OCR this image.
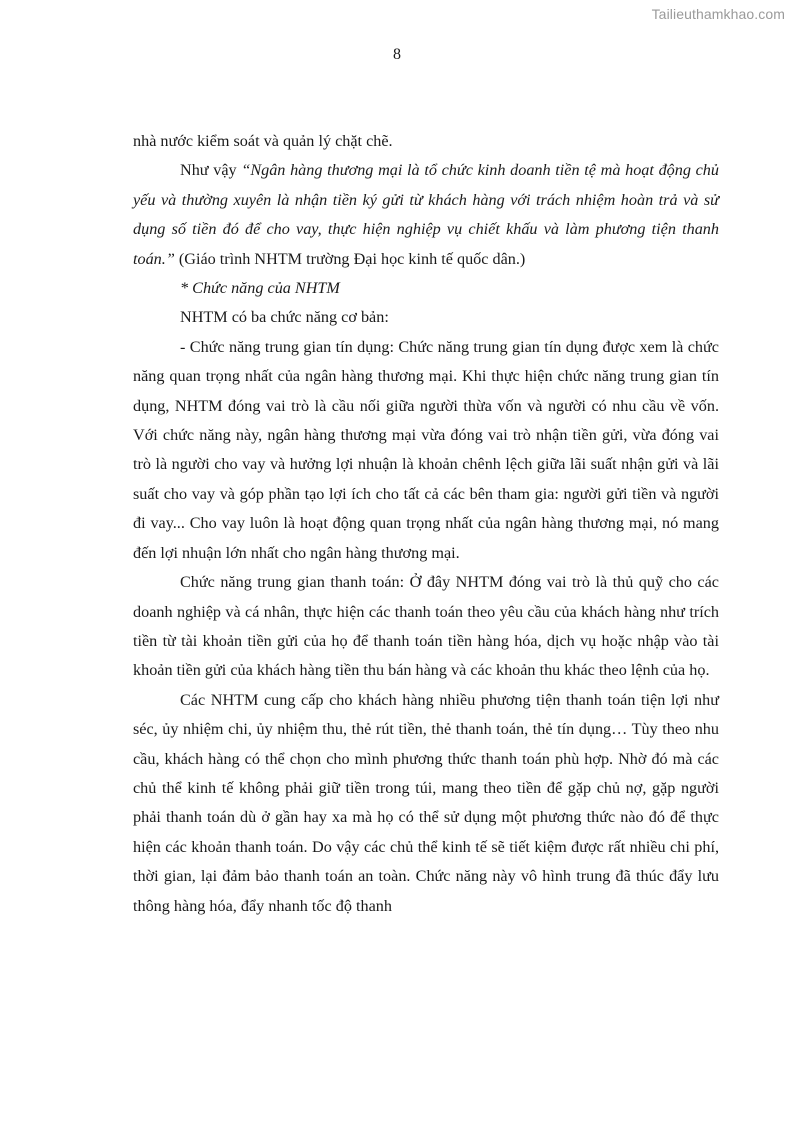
Tailieuthamkhao.com
8

nhà nước kiểm soát và quản lý chặt chẽ.

Như vậy “Ngân hàng thương mại là tổ chức kinh doanh tiền tệ mà hoạt động chủ yếu và thường xuyên là nhận tiền ký gửi từ khách hàng với trách nhiệm hoàn trả và sử dụng số tiền đó để cho vay, thực hiện nghiệp vụ chiết khấu và làm phương tiện thanh toán.” (Giáo trình NHTM trường Đại học kinh tế quốc dân.)

* Chức năng của NHTM

NHTM có ba chức năng cơ bản:

- Chức năng trung gian tín dụng: Chức năng trung gian tín dụng được xem là chức năng quan trọng nhất của ngân hàng thương mại. Khi thực hiện chức năng trung gian tín dụng, NHTM đóng vai trò là cầu nối giữa người thừa vốn và người có nhu cầu về vốn. Với chức năng này, ngân hàng thương mại vừa đóng vai trò nhận tiền gửi, vừa đóng vai trò là người cho vay và hưởng lợi nhuận là khoản chênh lệch giữa lãi suất nhận gửi và lãi suất cho vay và góp phần tạo lợi ích cho tất cả các bên tham gia: người gửi tiền và người đi vay... Cho vay luôn là hoạt động quan trọng nhất của ngân hàng thương mại, nó mang đến lợi nhuận lớn nhất cho ngân hàng thương mại.

Chức năng trung gian thanh toán: Ở đây NHTM đóng vai trò là thủ quỹ cho các doanh nghiệp và cá nhân, thực hiện các thanh toán theo yêu cầu của khách hàng như trích tiền từ tài khoản tiền gửi của họ để thanh toán tiền hàng hóa, dịch vụ hoặc nhập vào tài khoản tiền gửi của khách hàng tiền thu bán hàng và các khoản thu khác theo lệnh của họ.

Các NHTM cung cấp cho khách hàng nhiều phương tiện thanh toán tiện lợi như séc, ủy nhiệm chi, ủy nhiệm thu, thẻ rút tiền, thẻ thanh toán, thẻ tín dụng… Tùy theo nhu cầu, khách hàng có thể chọn cho mình phương thức thanh toán phù hợp. Nhờ đó mà các chủ thể kinh tế không phải giữ tiền trong túi, mang theo tiền để gặp chủ nợ, gặp người phải thanh toán dù ở gần hay xa mà họ có thể sử dụng một phương thức nào đó để thực hiện các khoản thanh toán. Do vậy các chủ thể kinh tế sẽ tiết kiệm được rất nhiều chi phí, thời gian, lại đảm bảo thanh toán an toàn. Chức năng này vô hình trung đã thúc đẩy lưu thông hàng hóa, đẩy nhanh tốc độ thanh
